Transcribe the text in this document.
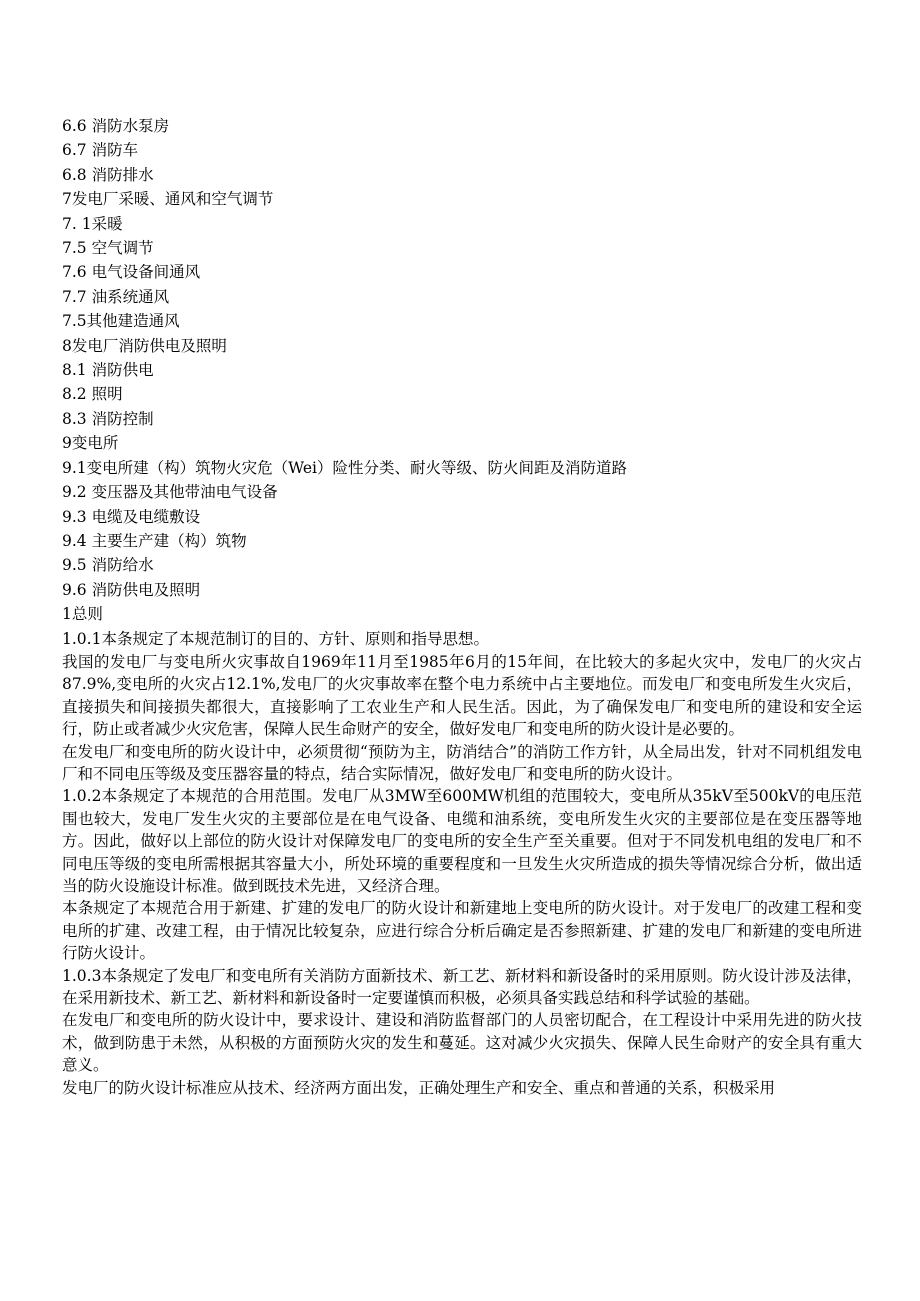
6.6 消防水泵房
6.7 消防车
6.8 消防排水
7发电厂采暖、通风和空气调节
7. 1采暖
7.5 空气调节
7.6 电气设备间通风
7.7 油系统通风
7.5其他建造通风
8发电厂消防供电及照明
8.1 消防供电
8.2 照明
8.3 消防控制
9变电所
9.1变电所建（构）筑物火灾危（Wei）险性分类、耐火等级、防火间距及消防道路
9.2 变压器及其他带油电气设备
9.3 电缆及电缆敷设
9.4 主要生产建（构）筑物
9.5 消防给水
9.6 消防供电及照明
1总则
1.0.1本条规定了本规范制订的目的、方针、原则和指导思想。

我国的发电厂与变电所火灾事故自1969年11月至1985年6月的15年间，在比较大的多起火灾中，发电厂的火灾占87.9%,变电所的火灾占12.1%,发电厂的火灾事故率在整个电力系统中占主要地位。而发电厂和变电所发生火灾后，直接损失和间接损失都很大，直接影响了工农业生产和人民生活。因此，为了确保发电厂和变电所的建设和安全运行，防止或者减少火灾危害，保障人民生命财产的安全，做好发电厂和变电所的防火设计是必要的。

在发电厂和变电所的防火设计中，必须贯彻“预防为主，防消结合”的消防工作方针，从全局出发，针对不同机组发电厂和不同电压等级及变压器容量的特点，结合实际情况，做好发电厂和变电所的防火设计。

1.0.2本条规定了本规范的合用范围。发电厂从3MW至600MW机组的范围较大，变电所从35kV至500kV的电压范围也较大，发电厂发生火灾的主要部位是在电气设备、电缆和油系统，变电所发生火灾的主要部位是在变压器等地方。因此，做好以上部位的防火设计对保障发电厂的变电所的安全生产至关重要。但对于不同发机电组的发电厂和不同电压等级的变电所需根据其容量大小，所处环境的重要程度和一旦发生火灾所造成的损失等情况综合分析，做出适当的防火设施设计标准。做到既技术先进，又经济合理。

本条规定了本规范合用于新建、扩建的发电厂的防火设计和新建地上变电所的防火设计。对于发电厂的改建工程和变电所的扩建、改建工程，由于情况比较复杂，应进行综合分析后确定是否参照新建、扩建的发电厂和新建的变电所进行防火设计。

1.0.3本条规定了发电厂和变电所有关消防方面新技术、新工艺、新材料和新设备时的采用原则。防火设计涉及法律，在采用新技术、新工艺、新材料和新设备时一定要谨慎而积极，必须具备实践总结和科学试验的基础。

在发电厂和变电所的防火设计中，要求设计、建设和消防监督部门的人员密切配合，在工程设计中采用先进的防火技术，做到防患于未然，从积极的方面预防火灾的发生和蔓延。这对减少火灾损失、保障人民生命财产的安全具有重大意义。

发电厂的防火设计标准应从技术、经济两方面出发，正确处理生产和安全、重点和普通的关系，积极采用
